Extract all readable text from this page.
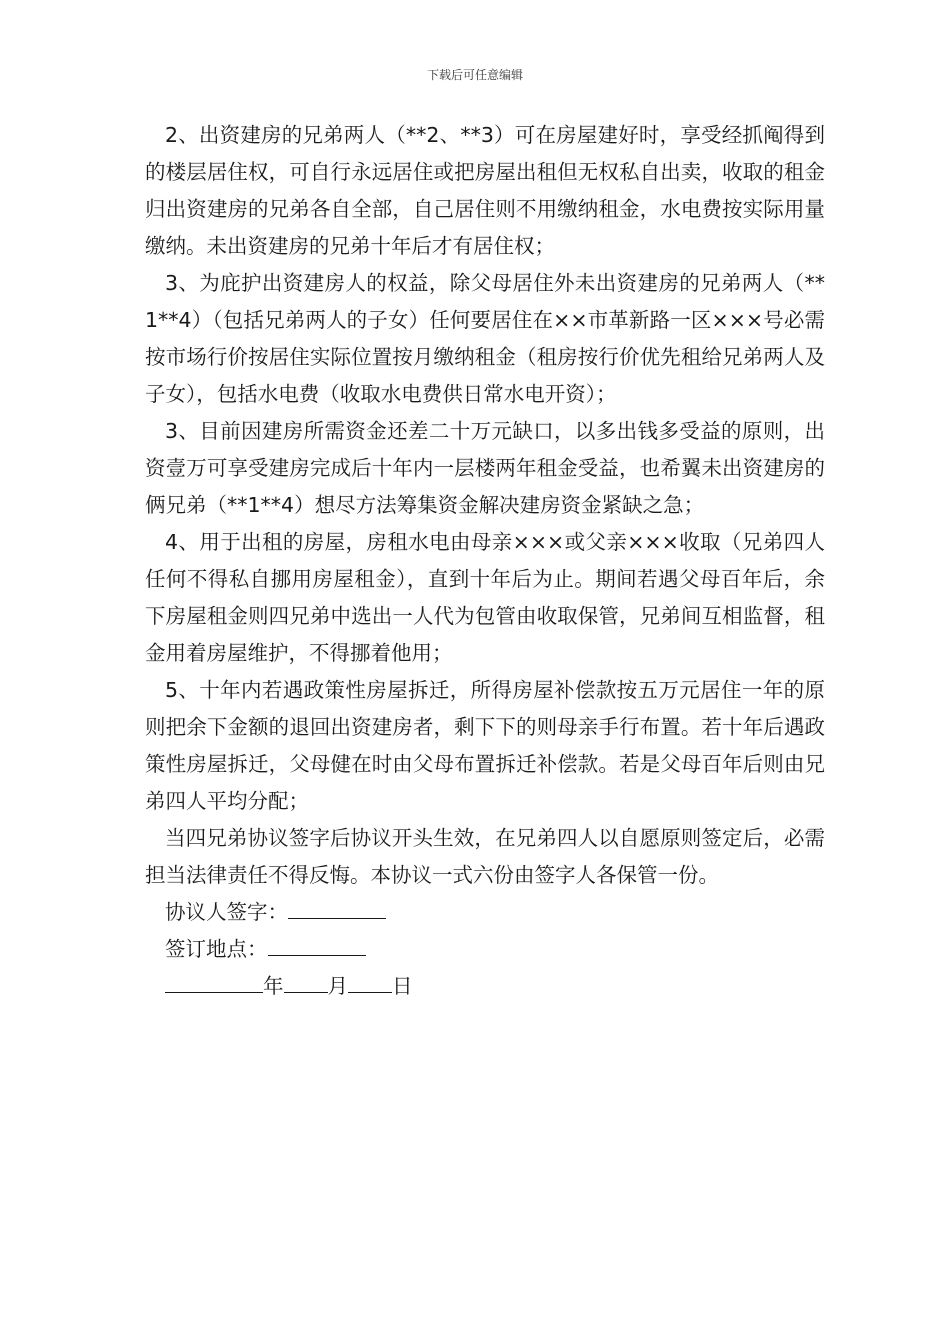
下载后可任意编辑

2、出资建房的兄弟两人（**2、**3）可在房屋建好时，享受经抓阄得到的楼层居住权，可自行永远居住或把房屋出租但无权私自出卖，收取的租金归出资建房的兄弟各自全部，自己居住则不用缴纳租金，水电费按实际用量缴纳。未出资建房的兄弟十年后才有居住权；

3、为庇护出资建房人的权益，除父母居住外未出资建房的兄弟两人（**1**4）（包括兄弟两人的子女）任何要居住在××市革新路一区×××号必需按市场行价按居住实际位置按月缴纳租金（租房按行价优先租给兄弟两人及子女），包括水电费（收取水电费供日常水电开资）；

3、目前因建房所需资金还差二十万元缺口，以多出钱多受益的原则，出资壹万可享受建房完成后十年内一层楼两年租金受益，也希翼未出资建房的俩兄弟（**1**4）想尽方法筹集资金解决建房资金紧缺之急；

4、用于出租的房屋，房租水电由母亲×××或父亲×××收取（兄弟四人任何不得私自挪用房屋租金），直到十年后为止。期间若遇父母百年后，余下房屋租金则四兄弟中选出一人代为包管由收取保管，兄弟间互相监督，租金用着房屋维护，不得挪着他用；

5、十年内若遇政策性房屋拆迁，所得房屋补偿款按五万元居住一年的原则把余下金额的退回出资建房者，剩下下的则母亲手行布置。若十年后遇政策性房屋拆迁，父母健在时由父母布置拆迁补偿款。若是父母百年后则由兄弟四人平均分配；

当四兄弟协议签字后协议开头生效，在兄弟四人以自愿原则签定后，必需担当法律责任不得反悔。本协议一式六份由签字人各保管一份。

协议人签字：

签订地点：

年 月 日
